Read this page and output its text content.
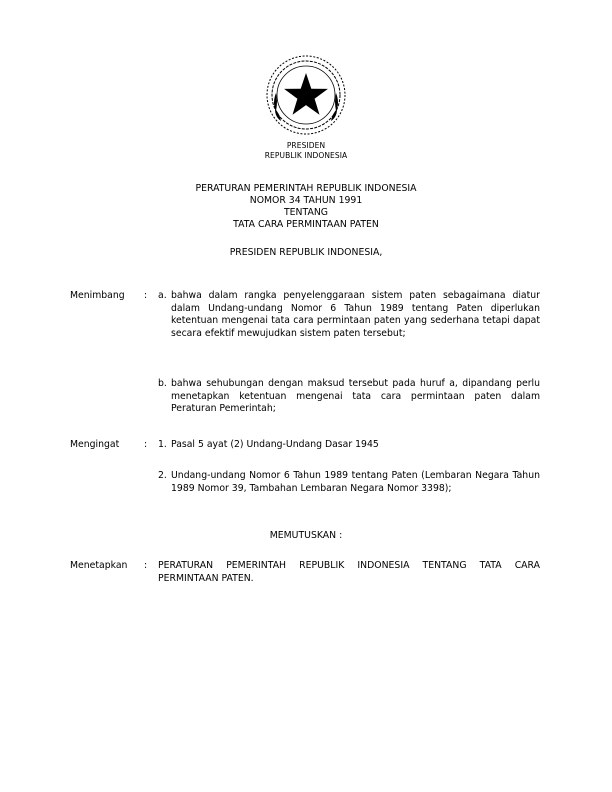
PRESIDEN
REPUBLIK INDONESIA
PERATURAN PEMERINTAH REPUBLIK INDONESIA
NOMOR 34 TAHUN 1991
TENTANG
TATA CARA PERMINTAAN PATEN
PRESIDEN REPUBLIK INDONESIA,
Menimbang : a. bahwa dalam rangka penyelenggaraan sistem paten sebagaimana diatur dalam Undang-undang Nomor 6 Tahun 1989 tentang Paten diperlukan ketentuan mengenai tata cara permintaan paten yang sederhana tetapi dapat secara efektif mewujudkan sistem paten tersebut;
b. bahwa sehubungan dengan maksud tersebut pada huruf a, dipandang perlu menetapkan ketentuan mengenai tata cara permintaan paten dalam Peraturan Pemerintah;
Mengingat	: 1. Pasal 5 ayat (2) Undang-Undang Dasar 1945
2. Undang-undang Nomor 6 Tahun 1989 tentang Paten (Lembaran Negara Tahun 1989 Nomor 39, Tambahan Lembaran Negara Nomor 3398);
MEMUTUSKAN :
Menetapkan : PERATURAN PEMERINTAH REPUBLIK INDONESIA TENTANG TATA CARA PERMINTAAN PATEN.
